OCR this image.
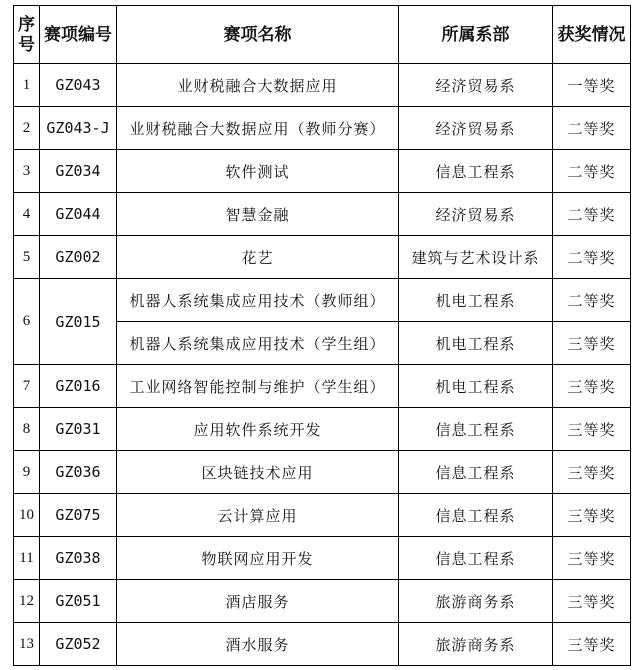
序号	赛项编号	赛项名称	所属系部	获奖情况
1	GZ043	业财税融合大数据应用	经济贸易系	一等奖
2	GZ043-J	业财税融合大数据应用（教师分赛）	经济贸易系	二等奖
3	GZ034	软件测试	信息工程系	二等奖
4	GZ044	智慧金融	经济贸易系	二等奖
5	GZ002	花艺	建筑与艺术设计系	二等奖
6	GZ015	机器人系统集成应用技术（教师组）	机电工程系	二等奖
		机器人系统集成应用技术（学生组）	机电工程系	三等奖
7	GZ016	工业网络智能控制与维护（学生组）	机电工程系	三等奖
8	GZ031	应用软件系统开发	信息工程系	三等奖
9	GZ036	区块链技术应用	信息工程系	三等奖
10	GZ075	云计算应用	信息工程系	三等奖
11	GZ038	物联网应用开发	信息工程系	三等奖
12	GZ051	酒店服务	旅游商务系	三等奖
13	GZ052	酒水服务	旅游商务系	三等奖
